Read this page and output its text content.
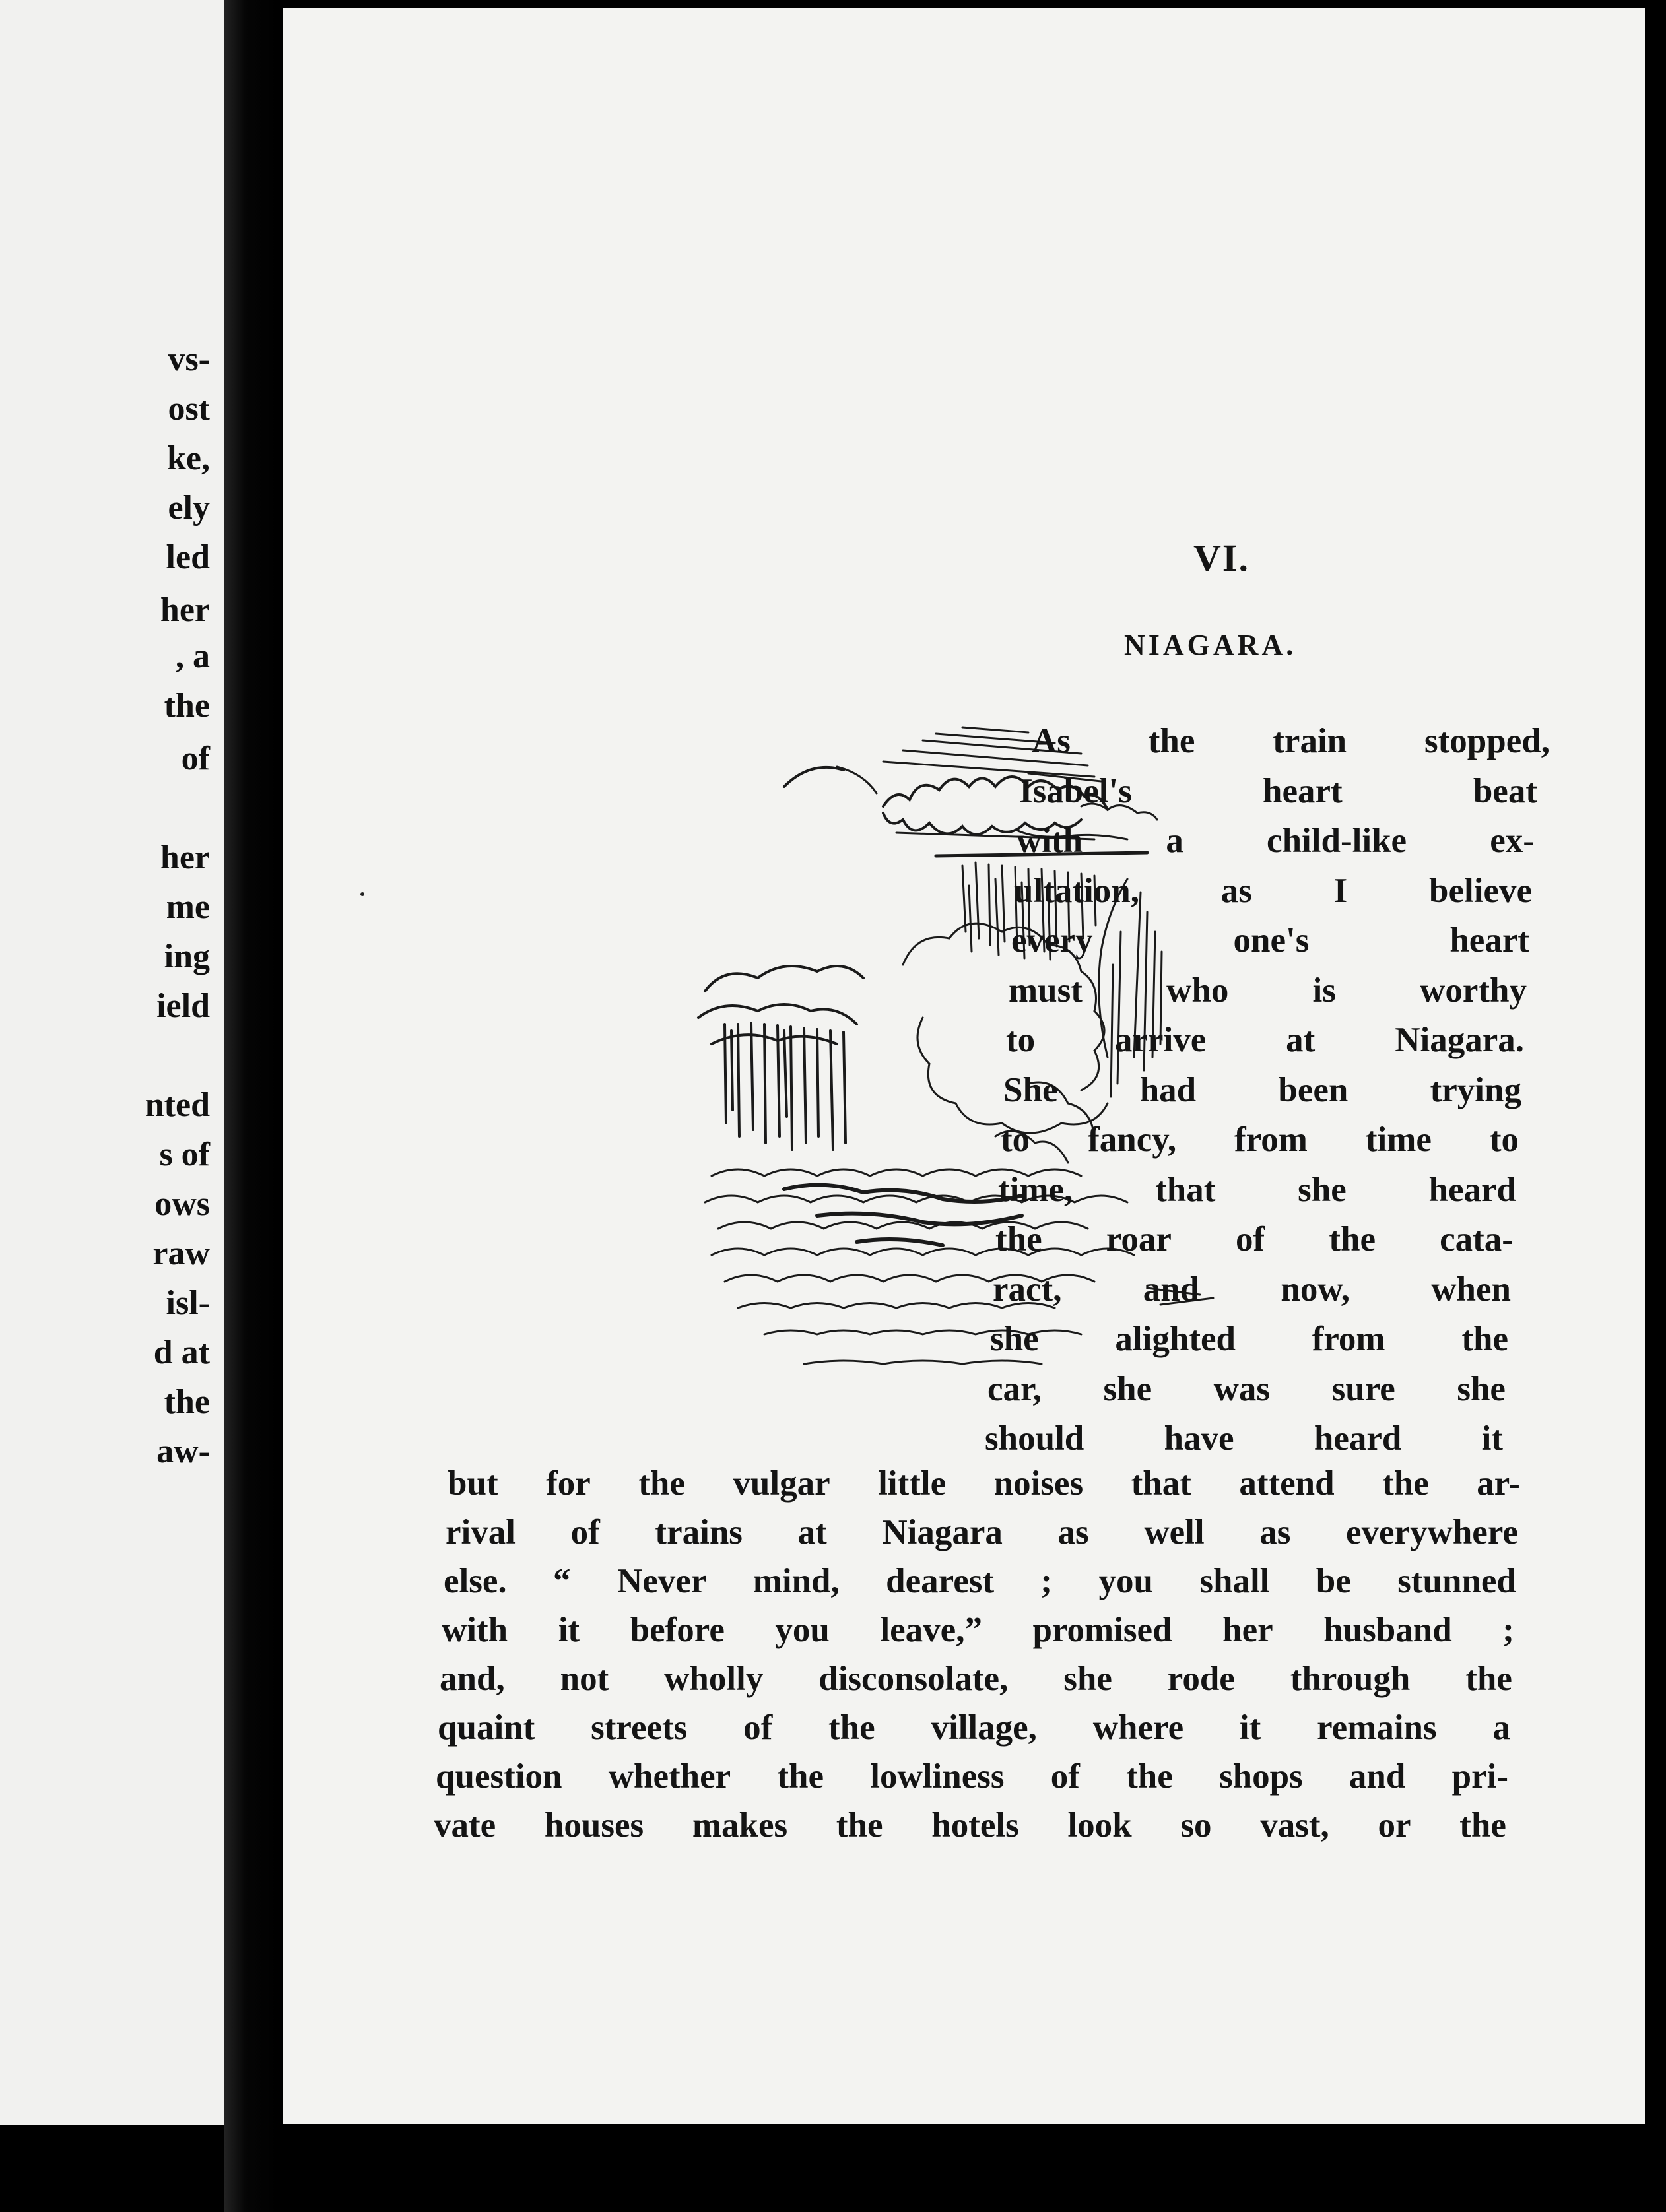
vs-
ost
ke,
ely
led
her
, a
the
of
her
me
ing
ield
nted
s of
ows
raw
isl-
d at
the
aw-
VI.
NIAGARA.
As the train stopped,
Isabel's	heart	beat
with a child-like ex-
ultation, as I believe
every	one's	heart
must who is worthy
to arrive at Niagara.
She had been trying
to fancy, from time to
time, that she heard
the roar of the cata-
ract, and now, when
she alighted from the
car, she was sure she
should have heard it
but for the vulgar little noises that attend the ar-
rival of trains at Niagara as well as everywhere
else. “ Never mind, dearest ; you shall be stunned
with it before you leave,” promised her husband ;
and, not wholly disconsolate, she rode through the
quaint streets of the village, where it remains a
question whether the lowliness of the shops and pri-
vate houses makes the hotels look so vast, or the
